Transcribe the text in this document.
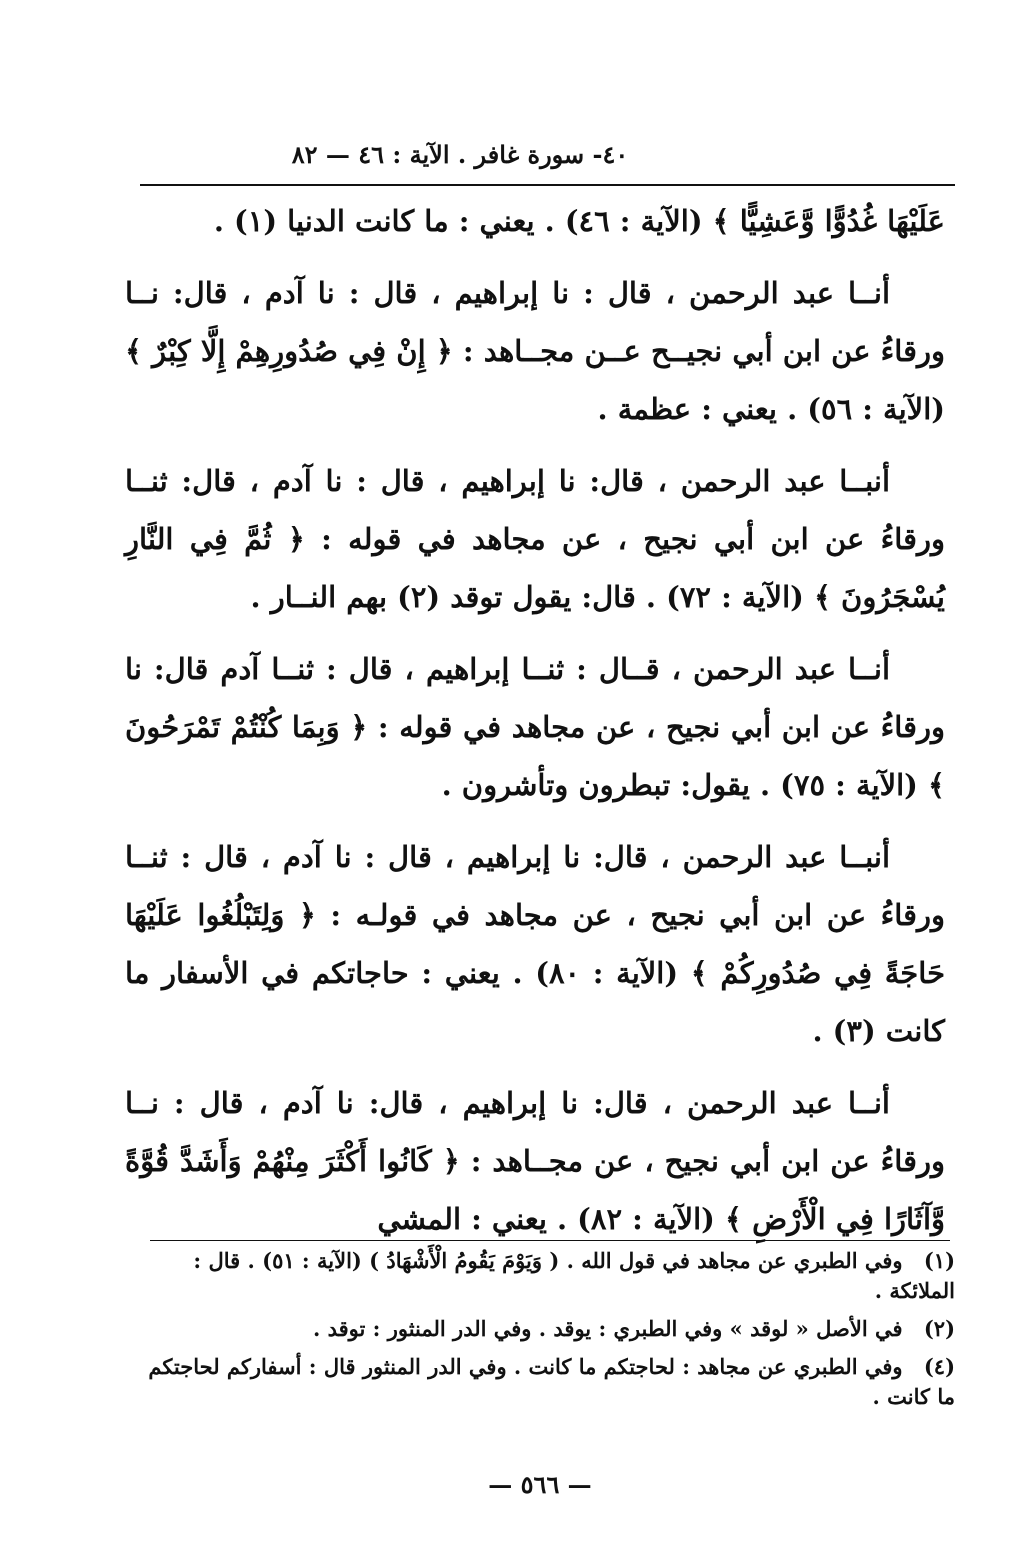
٤٠- سورة غافر . الآية : ٤٦ — ٨٢

عَلَيْهَا غُدُوًّا وَّعَشِيًّا ﴾ (الآية : ٤٦) . يعني : ما كانت الدنيا (١) .

أنــا عبد الرحمن ، قال : نا إبراهيم ، قال : نا آدم ، قال: نــا ورقاءُ عن ابن أبي نجيــح عــن مجــاهد : ﴿ إِنْ فِي صُدُورِهِمْ إِلَّا كِبْرٌ ﴾ (الآية : ٥٦) . يعني : عظمة .

أنبــا عبد الرحمن ، قال: نا إبراهيم ، قال : نا آدم ، قال: ثنــا ورقاءُ عن ابن أبي نجيح ، عن مجاهد في قوله : ﴿ ثُمَّ فِي النَّارِ يُسْجَرُونَ ﴾ (الآية : ٧٢) . قال: يقول توقد (٢) بهم النــار .

أنــا عبد الرحمن ، قــال : ثنــا إبراهيم ، قال : ثنــا آدم قال: نا ورقاءُ عن ابن أبي نجيح ، عن مجاهد في قوله : ﴿ وَبِمَا كُنْتُمْ تَمْرَحُونَ ﴾ (الآية : ٧٥) . يقول: تبطرون وتأشرون .

أنبــا عبد الرحمن ، قال: نا إبراهيم ، قال : نا آدم ، قال : ثنــا ورقاءُ عن ابن أبي نجيح ، عن مجاهد في قولـه : ﴿ وَلِتَبْلُغُوا عَلَيْهَا حَاجَةً فِي صُدُورِكُمْ ﴾ (الآية : ٨٠) . يعني : حاجاتكم في الأسفار ما كانت (٣) .

أنــا عبد الرحمن ، قال: نا إبراهيم ، قال: نا آدم ، قال : نــا ورقاءُ عن ابن أبي نجيح ، عن مجــاهد : ﴿ كَانُوا أَكْثَرَ مِنْهُمْ وَأَشَدَّ قُوَّةً وَّآثَارًا فِي الْأَرْضِ ﴾ (الآية : ٨٢) . يعني : المشي

(١) وفي الطبري عن مجاهد في قول الله . ( وَيَوْمَ يَقُومُ الْأَشْهَادُ ) (الآية : ٥١) . قال : الملائكة .

(٢) في الأصل « لوقد » وفي الطبري : يوقد . وفي الدر المنثور : توقد .

(٤) وفي الطبري عن مجاهد : لحاجتكم ما كانت . وفي الدر المنثور قال : أسفاركم لحاجتكم ما كانت .

— ٥٦٦ —
